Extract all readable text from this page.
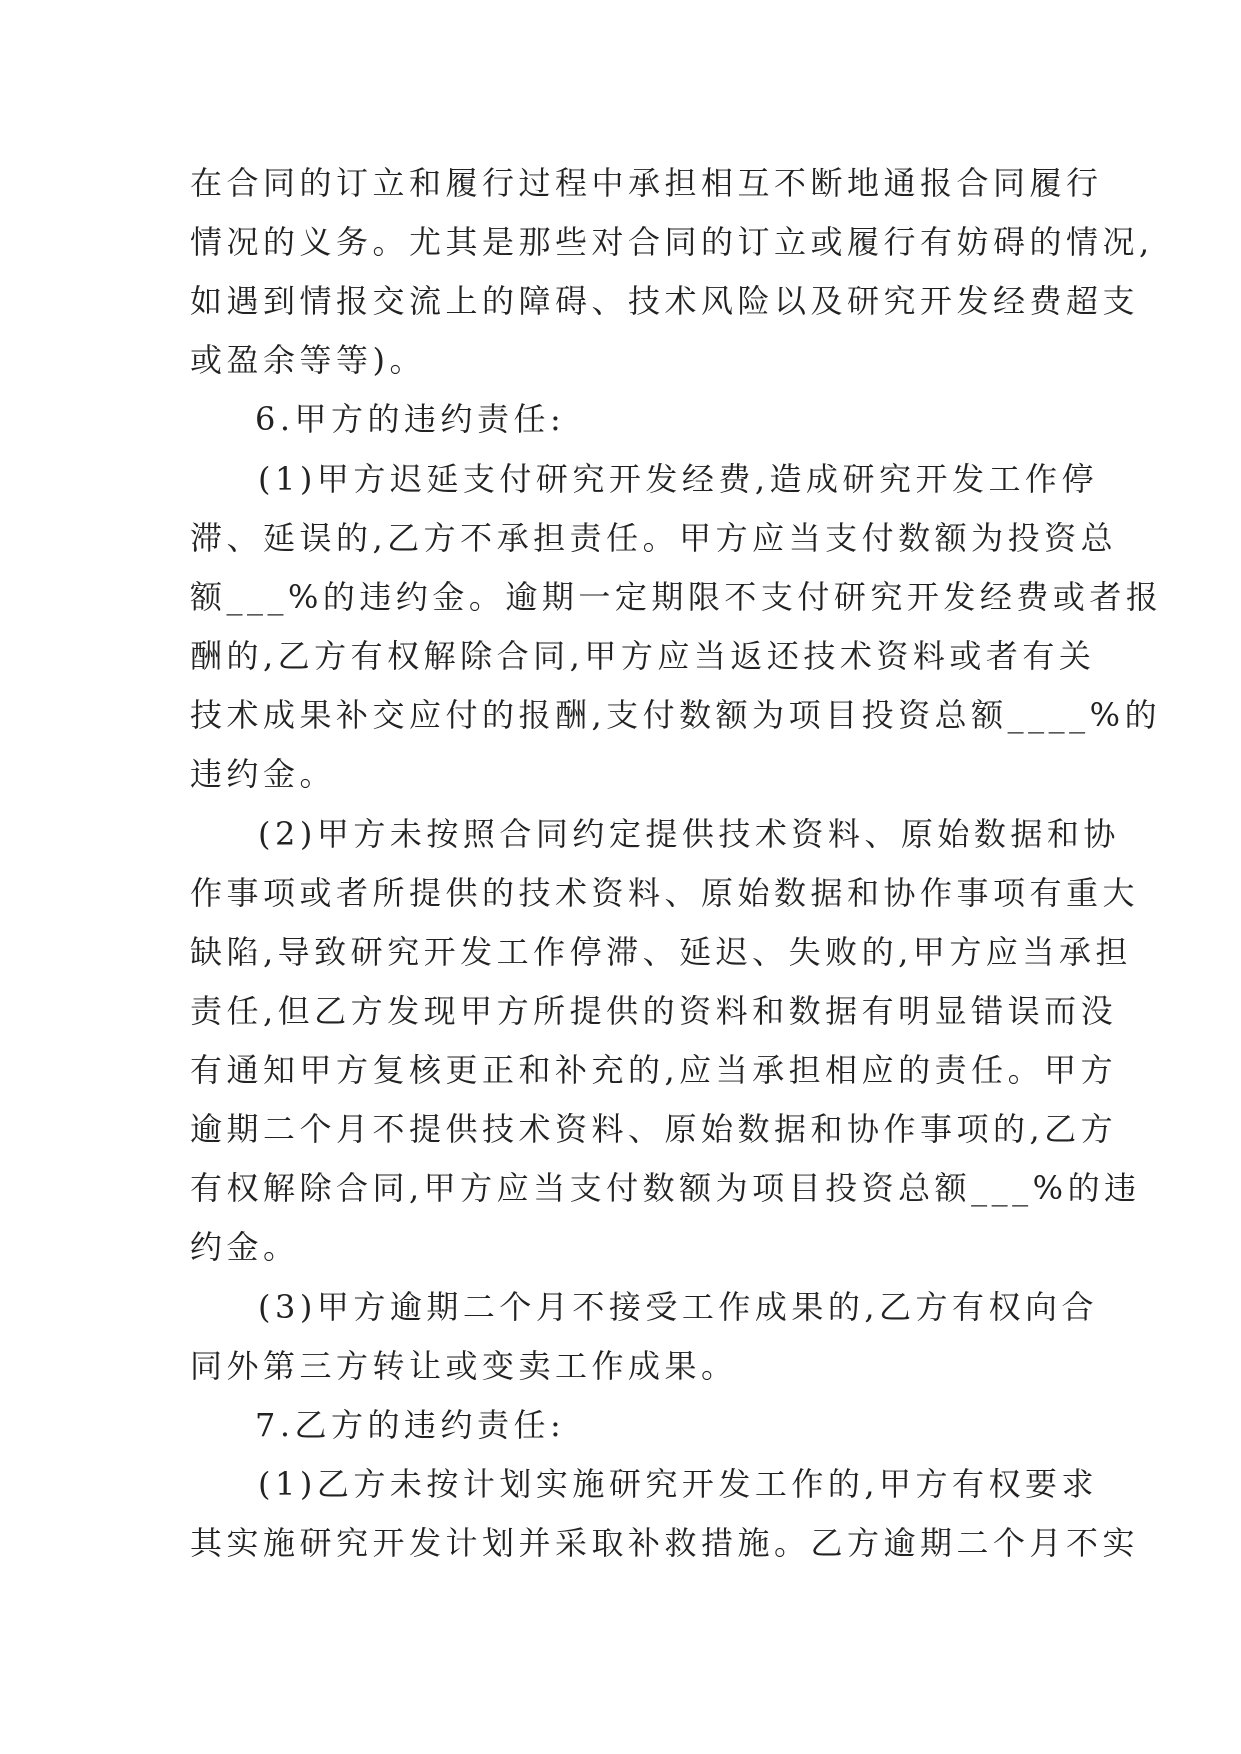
在合同的订立和履行过程中承担相互不断地通报合同履行
情况的义务。尤其是那些对合同的订立或履行有妨碍的情况,
如遇到情报交流上的障碍、技术风险以及研究开发经费超支
或盈余等等)。
6.甲方的违约责任:
(1)甲方迟延支付研究开发经费,造成研究开发工作停
滞、延误的,乙方不承担责任。甲方应当支付数额为投资总
额___%的违约金。逾期一定期限不支付研究开发经费或者报
酬的,乙方有权解除合同,甲方应当返还技术资料或者有关
技术成果补交应付的报酬,支付数额为项目投资总额____%的
违约金。
(2)甲方未按照合同约定提供技术资料、原始数据和协
作事项或者所提供的技术资料、原始数据和协作事项有重大
缺陷,导致研究开发工作停滞、延迟、失败的,甲方应当承担
责任,但乙方发现甲方所提供的资料和数据有明显错误而没
有通知甲方复核更正和补充的,应当承担相应的责任。甲方
逾期二个月不提供技术资料、原始数据和协作事项的,乙方
有权解除合同,甲方应当支付数额为项目投资总额___%的违
约金。
(3)甲方逾期二个月不接受工作成果的,乙方有权向合
同外第三方转让或变卖工作成果。
7.乙方的违约责任:
(1)乙方未按计划实施研究开发工作的,甲方有权要求
其实施研究开发计划并采取补救措施。乙方逾期二个月不实
